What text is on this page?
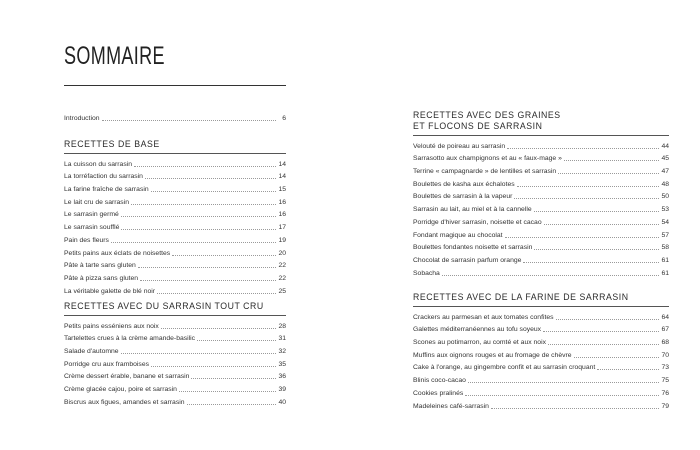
SOMMAIRE
Introduction	6
RECETTES DE BASE
La cuisson du sarrasin	14
La torréfaction du sarrasin	14
La farine fraîche de sarrasin	15
Le lait cru de sarrasin	16
Le sarrasin germé	16
Le sarrasin soufflé	17
Pain des fleurs	19
Petits pains aux éclats de noisettes	20
Pâte à tarte sans gluten	22
Pâte à pizza sans gluten	22
La véritable galette de blé noir	25
RECETTES AVEC DU SARRASIN TOUT CRU
Petits pains esséniens aux noix	28
Tartelettes crues à la crème amande-basilic	31
Salade d'automne	32
Porridge cru aux framboises	35
Crème dessert érable, banane et sarrasin	36
Crème glacée cajou, poire et sarrasin	39
Biscrus aux figues, amandes et sarrasin	40
RECETTES AVEC DES GRAINES
ET FLOCONS DE SARRASIN
Velouté de poireau au sarrasin	44
Sarrasotto aux champignons et au « faux-mage »	45
Terrine « campagnarde » de lentilles et sarrasin	47
Boulettes de kasha aux échalotes	48
Boulettes de sarrasin à la vapeur	50
Sarrasin au lait, au miel et à la cannelle	53
Porridge d'hiver sarrasin, noisette et cacao	54
Fondant magique au chocolat	57
Boulettes fondantes noisette et sarrasin	58
Chocolat de sarrasin parfum orange	61
Sobacha	61
RECETTES AVEC DE LA FARINE DE SARRASIN
Crackers au parmesan et aux tomates confites	64
Galettes méditerranéennes au tofu soyeux	67
Scones au potimarron, au comté et aux noix	68
Muffins aux oignons rouges et au fromage de chèvre	70
Cake à l'orange, au gingembre confit et au sarrasin croquant	73
Blinis coco-cacao	75
Cookies pralinés	76
Madeleines café-sarrasin	79
